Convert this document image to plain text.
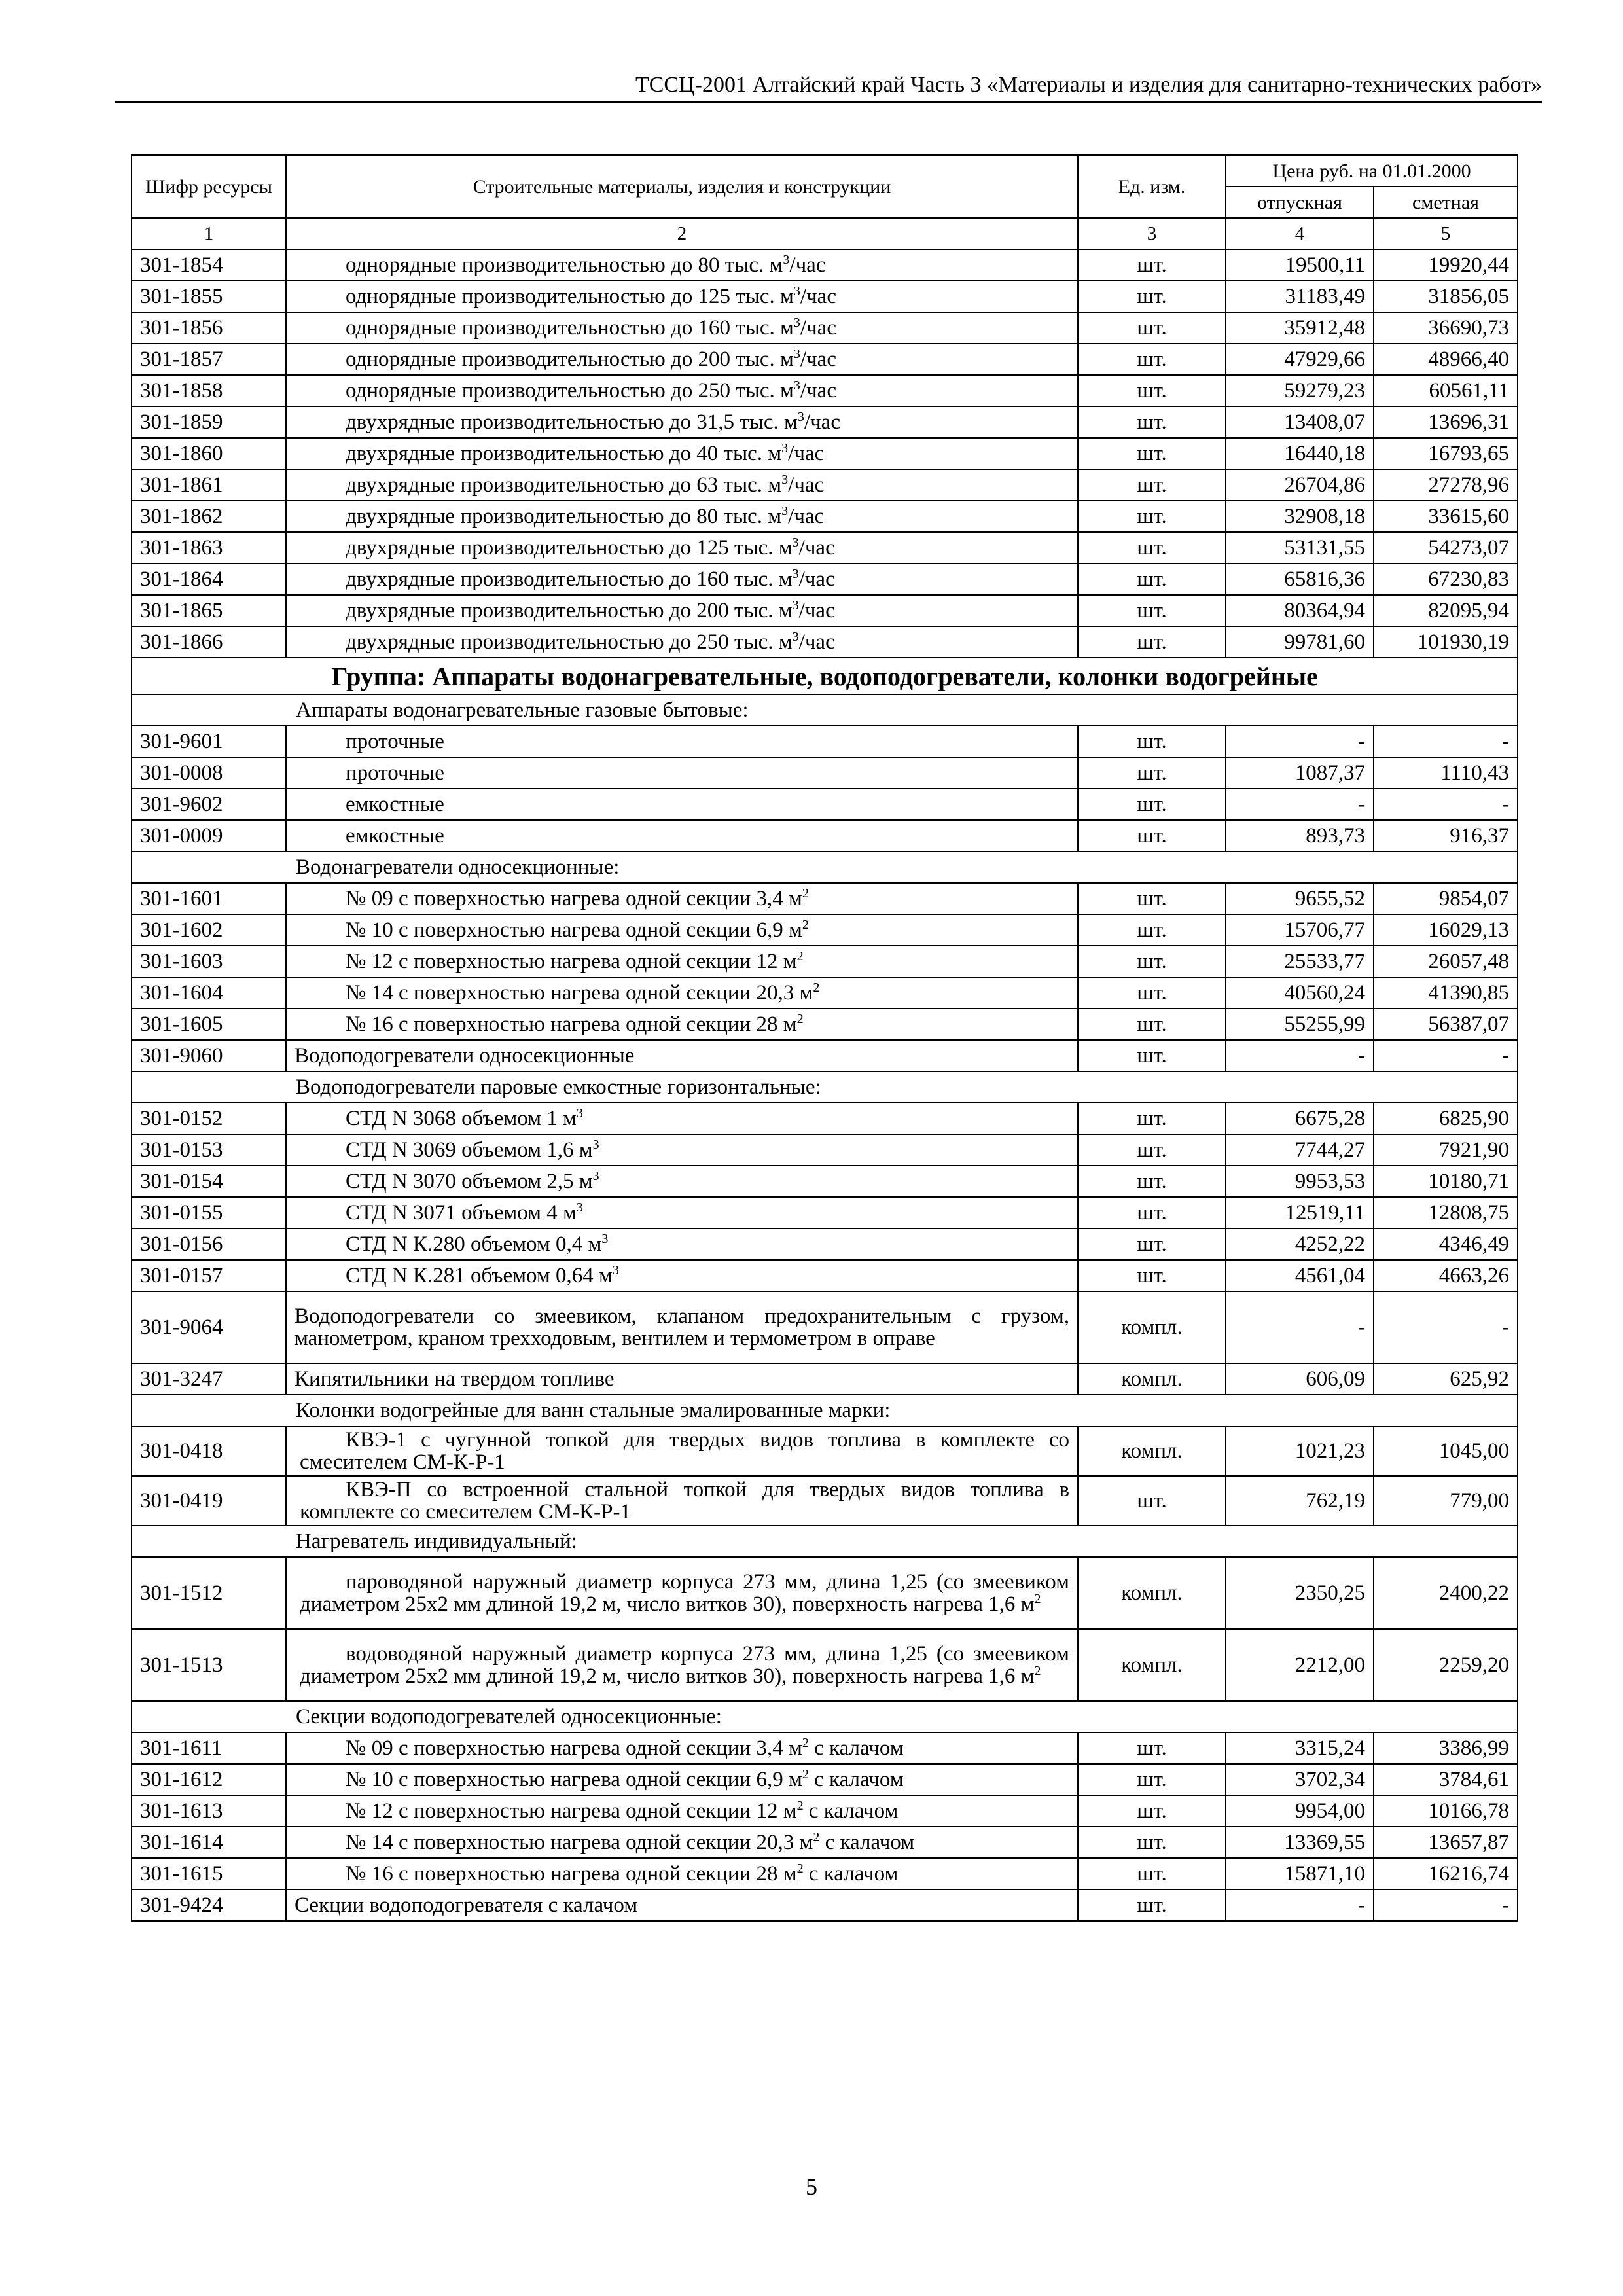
ТССЦ-2001 Алтайский край Часть 3 «Материалы и изделия для санитарно-технических работ»
Шифр ресурсы	Строительные материалы, изделия и конструкции	Ед. изм.	Цена руб. на 01.01.2000	
			отпускная	сметная
1	2	3	4	5
301-1854	однорядные производительностью до 80 тыс. $м^3$/час	шт.	19500,11	19920,44
301-1855	однорядные производительностью до 125 тыс. $м^3$/час	шт.	31183,49	31856,05
301-1856	однорядные производительностью до 160 тыс. $м^3$/час	шт.	35912,48	36690,73
301-1857	однорядные производительностью до 200 тыс. $м^3$/час	шт.	47929,66	48966,40
301-1858	однорядные производительностью до 250 тыс. $м^3$/час	шт.	59279,23	60561,11
301-1859	двухрядные производительностью до 31,5 тыс. $м^3$/час	шт.	13408,07	13696,31
301-1860	двухрядные производительностью до 40 тыс. $м^3$/час	шт.	16440,18	16793,65
301-1861	двухрядные производительностью до 63 тыс. $м^3$/час	шт.	26704,86	27278,96
301-1862	двухрядные производительностью до 80 тыс. $м^3$/час	шт.	32908,18	33615,60
301-1863	двухрядные производительностью до 125 тыс. $м^3$/час	шт.	53131,55	54273,07
301-1864	двухрядные производительностью до 160 тыс. $м^3$/час	шт.	65816,36	67230,83
301-1865	двухрядные производительностью до 200 тыс. $м^3$/час	шт.	80364,94	82095,94
301-1866	двухрядные производительностью до 250 тыс. $м^3$/час	шт.	99781,60	101930,19
Группа: Аппараты водонагревательные, водоподогреватели, колонки водогрейные				
Аппараты водонагревательные газовые бытовые:				
301-9601	проточные	шт.	-	-
301-0008	проточные	шт.	1087,37	1110,43
301-9602	емкостные	шт.	-	-
301-0009	емкостные	шт.	893,73	916,37
Водонагреватели односекционные:				
301-1601	№ 09 с поверхностью нагрева одной секции 3,4 $м^2$	шт.	9655,52	9854,07
301-1602	№ 10 с поверхностью нагрева одной секции 6,9 $м^2$	шт.	15706,77	16029,13
301-1603	№ 12 с поверхностью нагрева одной секции 12 $м^2$	шт.	25533,77	26057,48
301-1604	№ 14 с поверхностью нагрева одной секции 20,3 $м^2$	шт.	40560,24	41390,85
301-1605	№ 16 с поверхностью нагрева одной секции 28 $м^2$	шт.	55255,99	56387,07
301-9060	Водоподогреватели односекционные	шт.	-	-
Водоподогреватели паровые емкостные горизонтальные:				
301-0152	СТД N 3068 объемом 1 $м^3$	шт.	6675,28	6825,90
301-0153	СТД N 3069 объемом 1,6 $м^3$	шт.	7744,27	7921,90
301-0154	СТД N 3070 объемом 2,5 $м^3$	шт.	9953,53	10180,71
301-0155	СТД N 3071 объемом 4 $м^3$	шт.	12519,11	12808,75
301-0156	СТД N К.280 объемом 0,4 $м^3$	шт.	4252,22	4346,49
301-0157	СТД N К.281 объемом 0,64 $м^3$	шт.	4561,04	4663,26
301-9064	Водоподогреватели со змеевиком, клапаном предохранительным с грузом, манометром, краном трехходовым, вентилем и термометром в оправе	компл.	-	-
301-3247	Кипятильники на твердом топливе	компл.	606,09	625,92
Колонки водогрейные для ванн стальные эмалированные марки:				
301-0418	КВЭ-1 с чугунной топкой для твердых видов топлива в комплекте со смесителем СМ-К-Р-1	компл.	1021,23	1045,00
301-0419	КВЭ-П со встроенной стальной топкой для твердых видов топлива в комплекте со смесителем СМ-К-Р-1	шт.	762,19	779,00
Нагреватель индивидуальный:				
301-1512	пароводяной наружный диаметр корпуса 273 мм, длина 1,25 (со змеевиком диаметром 25х2 мм длиной 19,2 м, число витков 30), поверхность нагрева 1,6 $м^2$	компл.	2350,25	2400,22
301-1513	водоводяной наружный диаметр корпуса 273 мм, длина 1,25 (со змеевиком диаметром 25х2 мм длиной 19,2 м, число витков 30), поверхность нагрева 1,6 $м^2$	компл.	2212,00	2259,20
Секции водоподогревателей односекционные:				
301-1611	№ 09 с поверхностью нагрева одной секции 3,4 $м^2$ с калачом	шт.	3315,24	3386,99
301-1612	№ 10 с поверхностью нагрева одной секции 6,9 $м^2$ с калачом	шт.	3702,34	3784,61
301-1613	№ 12 с поверхностью нагрева одной секции 12 $м^2$ с калачом	шт.	9954,00	10166,78
301-1614	№ 14 с поверхностью нагрева одной секции 20,3 $м^2$ с калачом	шт.	13369,55	13657,87
301-1615	№ 16 с поверхностью нагрева одной секции 28 $м^2$ с калачом	шт.	15871,10	16216,74
301-9424	Секции водоподогревателя с калачом	шт.	-	-
5
